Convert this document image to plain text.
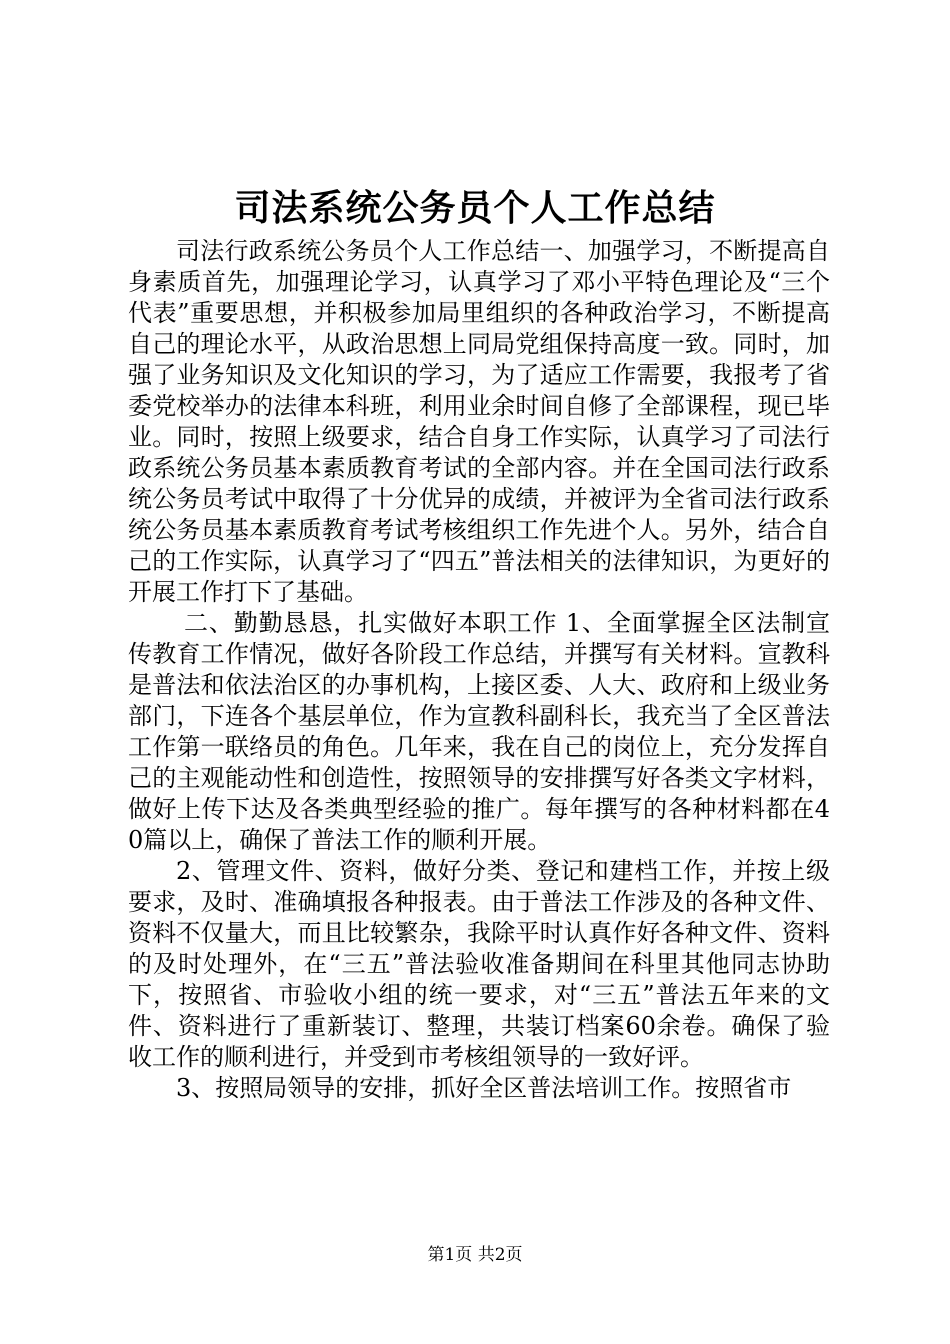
司法系统公务员个人工作总结

司法行政系统公务员个人工作总结一、加强学习，不断提高自身素质首先，加强理论学习，认真学习了邓小平特色理论及“三个代表”重要思想，并积极参加局里组织的各种政治学习，不断提高自己的理论水平，从政治思想上同局党组保持高度一致。同时，加强了业务知识及文化知识的学习，为了适应工作需要，我报考了省委党校举办的法律本科班，利用业余时间自修了全部课程，现已毕业。同时，按照上级要求，结合自身工作实际，认真学习了司法行政系统公务员基本素质教育考试的全部内容。并在全国司法行政系统公务员考试中取得了十分优异的成绩，并被评为全省司法行政系统公务员基本素质教育考试考核组织工作先进个人。另外，结合自己的工作实际，认真学习了“四五”普法相关的法律知识，为更好的开展工作打下了基础。

二、勤勤恳恳，扎实做好本职工作 1、全面掌握全区法制宣传教育工作情况，做好各阶段工作总结，并撰写有关材料。宣教科是普法和依法治区的办事机构，上接区委、人大、政府和上级业务部门，下连各个基层单位，作为宣教科副科长，我充当了全区普法工作第一联络员的角色。几年来，我在自己的岗位上，充分发挥自己的主观能动性和创造性，按照领导的安排撰写好各类文字材料，做好上传下达及各类典型经验的推广。每年撰写的各种材料都在40篇以上，确保了普法工作的顺利开展。

2、管理文件、资料，做好分类、登记和建档工作，并按上级要求，及时、准确填报各种报表。由于普法工作涉及的各种文件、资料不仅量大，而且比较繁杂，我除平时认真作好各种文件、资料的及时处理外，在“三五”普法验收准备期间在科里其他同志协助下，按照省、市验收小组的统一要求，对“三五”普法五年来的文件、资料进行了重新装订、整理，共装订档案60余卷。确保了验收工作的顺利进行，并受到市考核组领导的一致好评。

3、按照局领导的安排，抓好全区普法培训工作。按照省市

第1页 共2页
